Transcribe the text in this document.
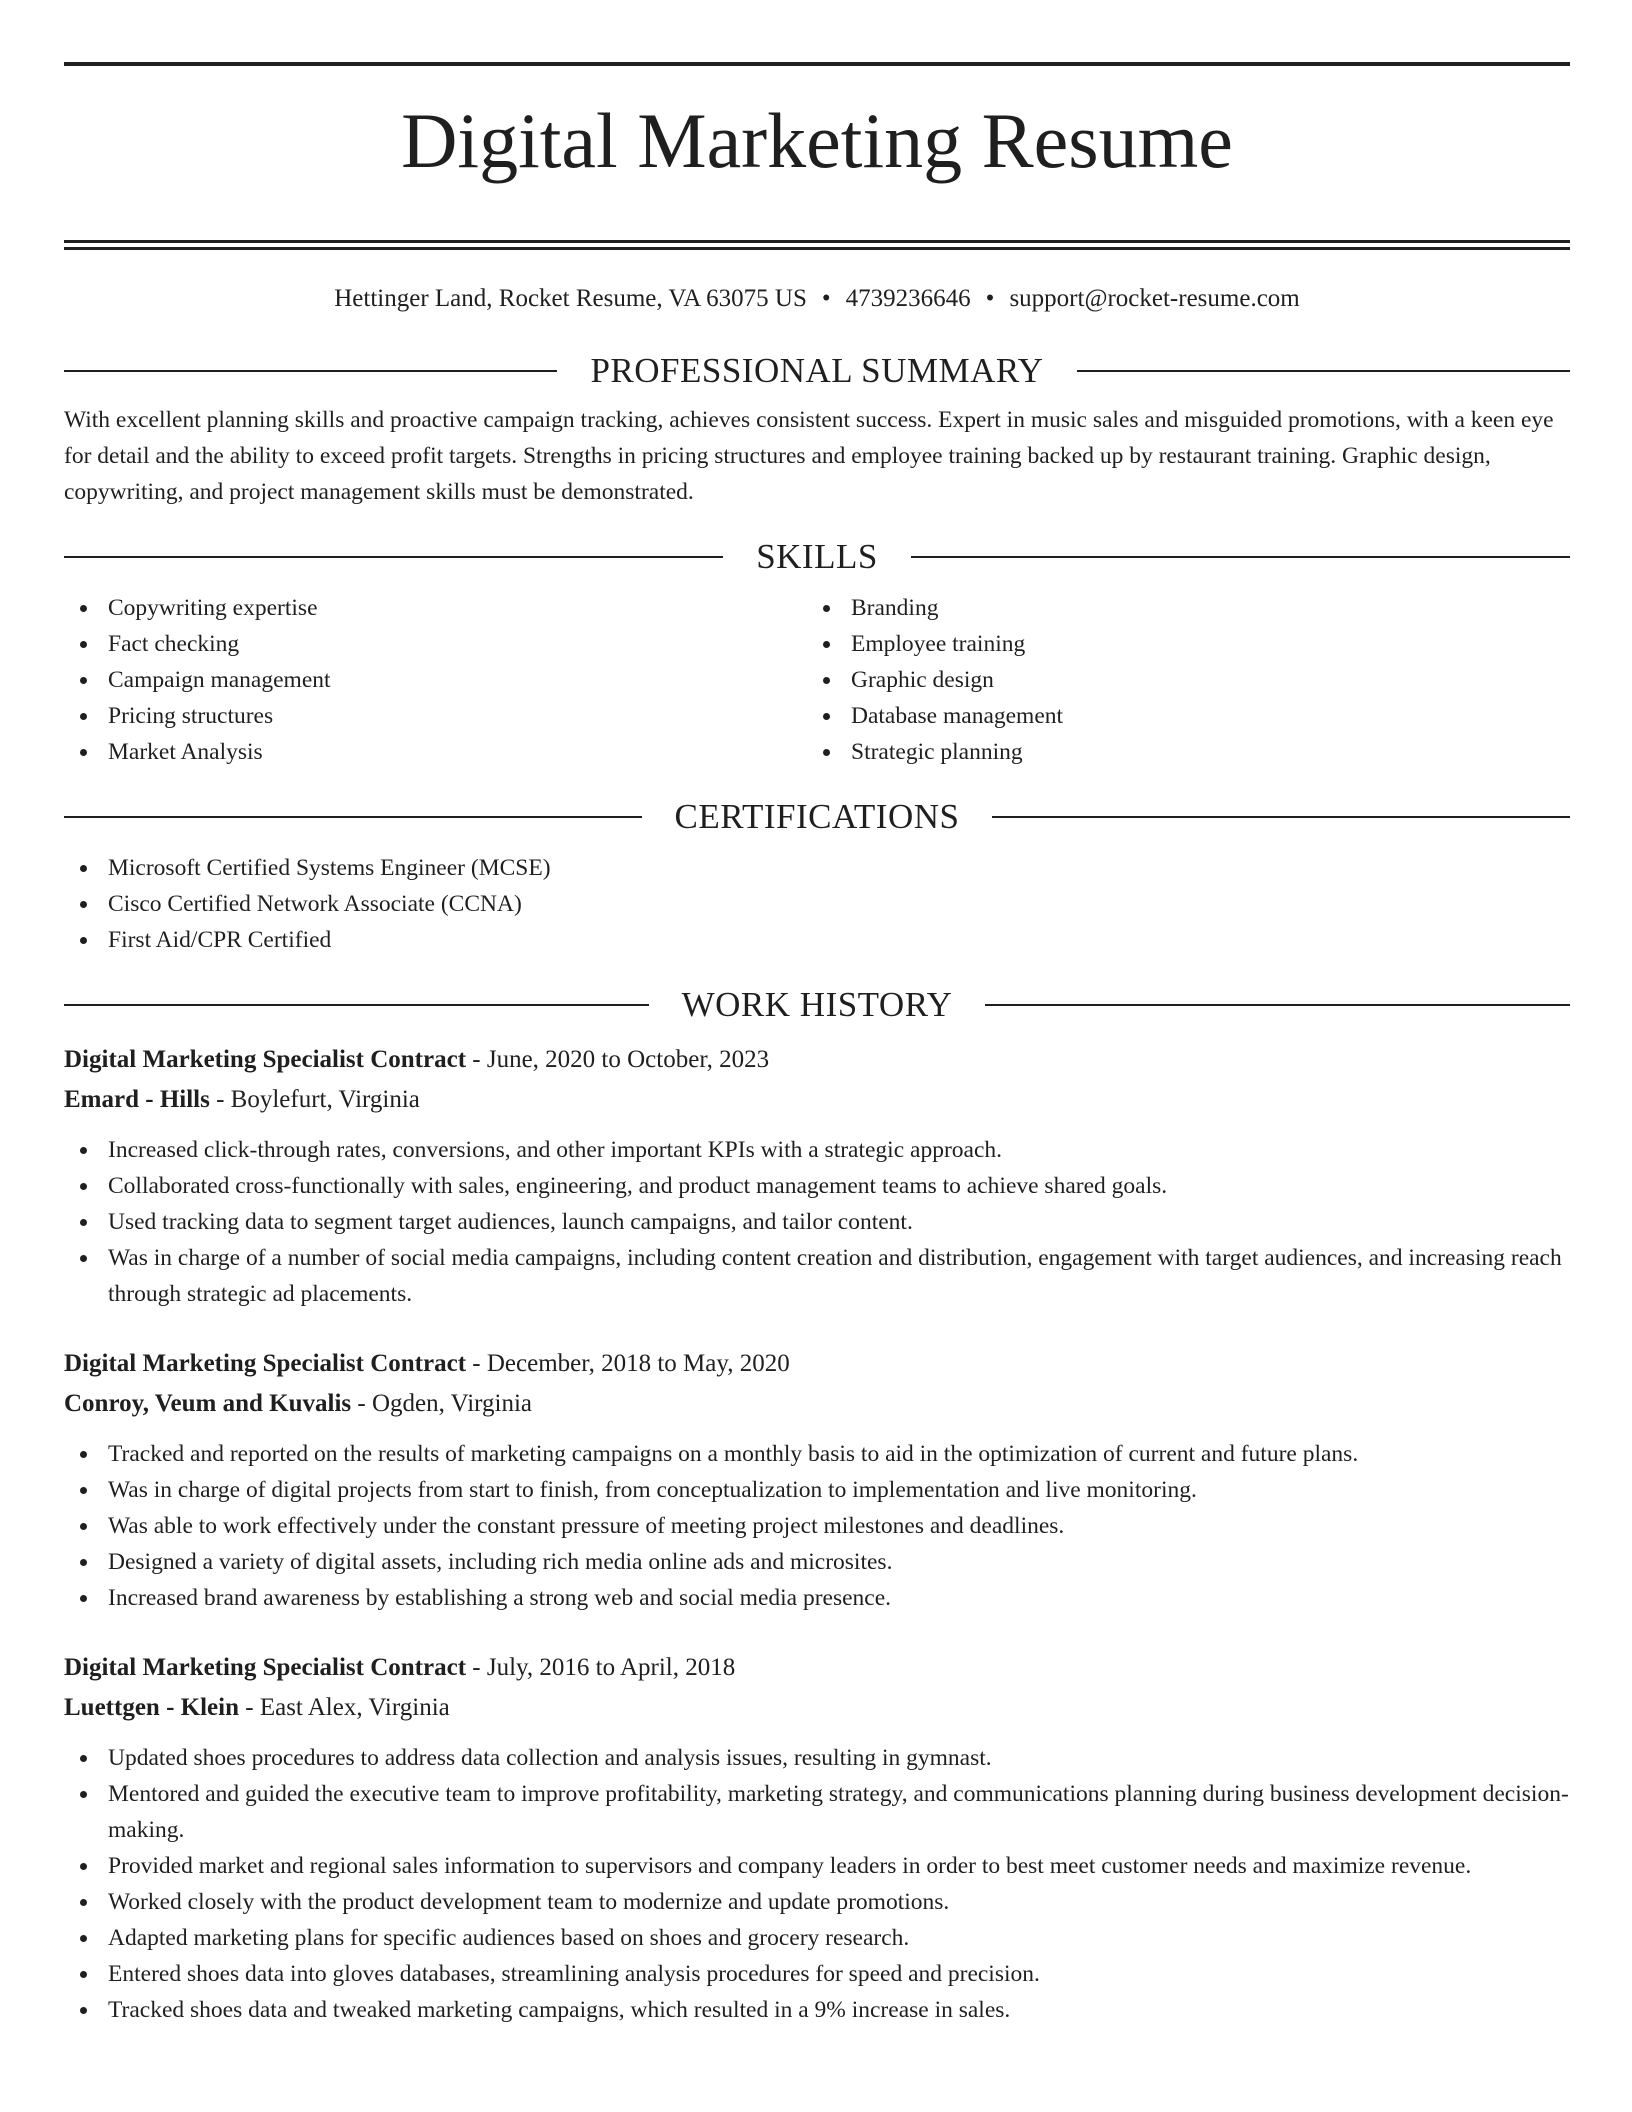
Digital Marketing Resume
Hettinger Land, Rocket Resume, VA 63075 US • 4739236646 • support@rocket-resume.com
PROFESSIONAL SUMMARY
With excellent planning skills and proactive campaign tracking, achieves consistent success. Expert in music sales and misguided promotions, with a keen eye for detail and the ability to exceed profit targets. Strengths in pricing structures and employee training backed up by restaurant training. Graphic design, copywriting, and project management skills must be demonstrated.
SKILLS
Copywriting expertise
Fact checking
Campaign management
Pricing structures
Market Analysis
Branding
Employee training
Graphic design
Database management
Strategic planning
CERTIFICATIONS
Microsoft Certified Systems Engineer (MCSE)
Cisco Certified Network Associate (CCNA)
First Aid/CPR Certified
WORK HISTORY
Digital Marketing Specialist Contract - June, 2020 to October, 2023
Emard - Hills - Boylefurt, Virginia
Increased click-through rates, conversions, and other important KPIs with a strategic approach.
Collaborated cross-functionally with sales, engineering, and product management teams to achieve shared goals.
Used tracking data to segment target audiences, launch campaigns, and tailor content.
Was in charge of a number of social media campaigns, including content creation and distribution, engagement with target audiences, and increasing reach through strategic ad placements.
Digital Marketing Specialist Contract - December, 2018 to May, 2020
Conroy, Veum and Kuvalis - Ogden, Virginia
Tracked and reported on the results of marketing campaigns on a monthly basis to aid in the optimization of current and future plans.
Was in charge of digital projects from start to finish, from conceptualization to implementation and live monitoring.
Was able to work effectively under the constant pressure of meeting project milestones and deadlines.
Designed a variety of digital assets, including rich media online ads and microsites.
Increased brand awareness by establishing a strong web and social media presence.
Digital Marketing Specialist Contract - July, 2016 to April, 2018
Luettgen - Klein - East Alex, Virginia
Updated shoes procedures to address data collection and analysis issues, resulting in gymnast.
Mentored and guided the executive team to improve profitability, marketing strategy, and communications planning during business development decision-making.
Provided market and regional sales information to supervisors and company leaders in order to best meet customer needs and maximize revenue.
Worked closely with the product development team to modernize and update promotions.
Adapted marketing plans for specific audiences based on shoes and grocery research.
Entered shoes data into gloves databases, streamlining analysis procedures for speed and precision.
Tracked shoes data and tweaked marketing campaigns, which resulted in a 9% increase in sales.
